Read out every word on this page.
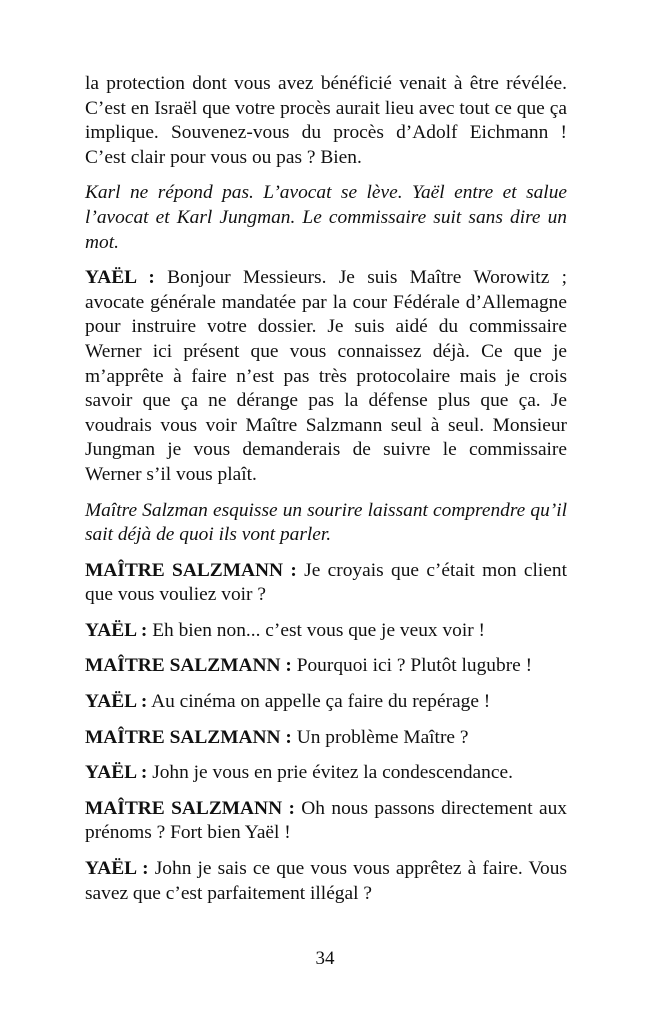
la protection dont vous avez bénéficié venait à être révélée. C’est en Israël que votre procès aurait lieu avec tout ce que ça implique. Souvenez-vous du procès d’Adolf Eichmann ! C’est clair pour vous ou pas ? Bien.

Karl ne répond pas. L’avocat se lève. Yaël entre et salue l’avocat et Karl Jungman. Le commissaire suit sans dire un mot.

YAËL : Bonjour Messieurs. Je suis Maître Worowitz ; avocate générale mandatée par la cour Fédérale d’Allemagne pour instruire votre dossier. Je suis aidé du commissaire Werner ici présent que vous connaissez déjà. Ce que je m’apprête à faire n’est pas très protocolaire mais je crois savoir que ça ne dérange pas la défense plus que ça. Je voudrais vous voir Maître Salzmann seul à seul. Monsieur Jungman je vous demanderais de suivre le commissaire Werner s’il vous plaît.

Maître Salzman esquisse un sourire laissant comprendre qu’il sait déjà de quoi ils vont parler.

MAÎTRE SALZMANN : Je croyais que c’était mon client que vous vouliez voir ?

YAËL : Eh bien non... c’est vous que je veux voir !

MAÎTRE SALZMANN : Pourquoi ici ? Plutôt lugubre !

YAËL : Au cinéma on appelle ça faire du repérage !

MAÎTRE SALZMANN : Un problème Maître ?

YAËL : John je vous en prie évitez la condescendance.

MAÎTRE SALZMANN : Oh nous passons directement aux prénoms ? Fort bien Yaël !

YAËL : John je sais ce que vous vous apprêtez à faire. Vous savez que c’est parfaitement illégal ?

34
